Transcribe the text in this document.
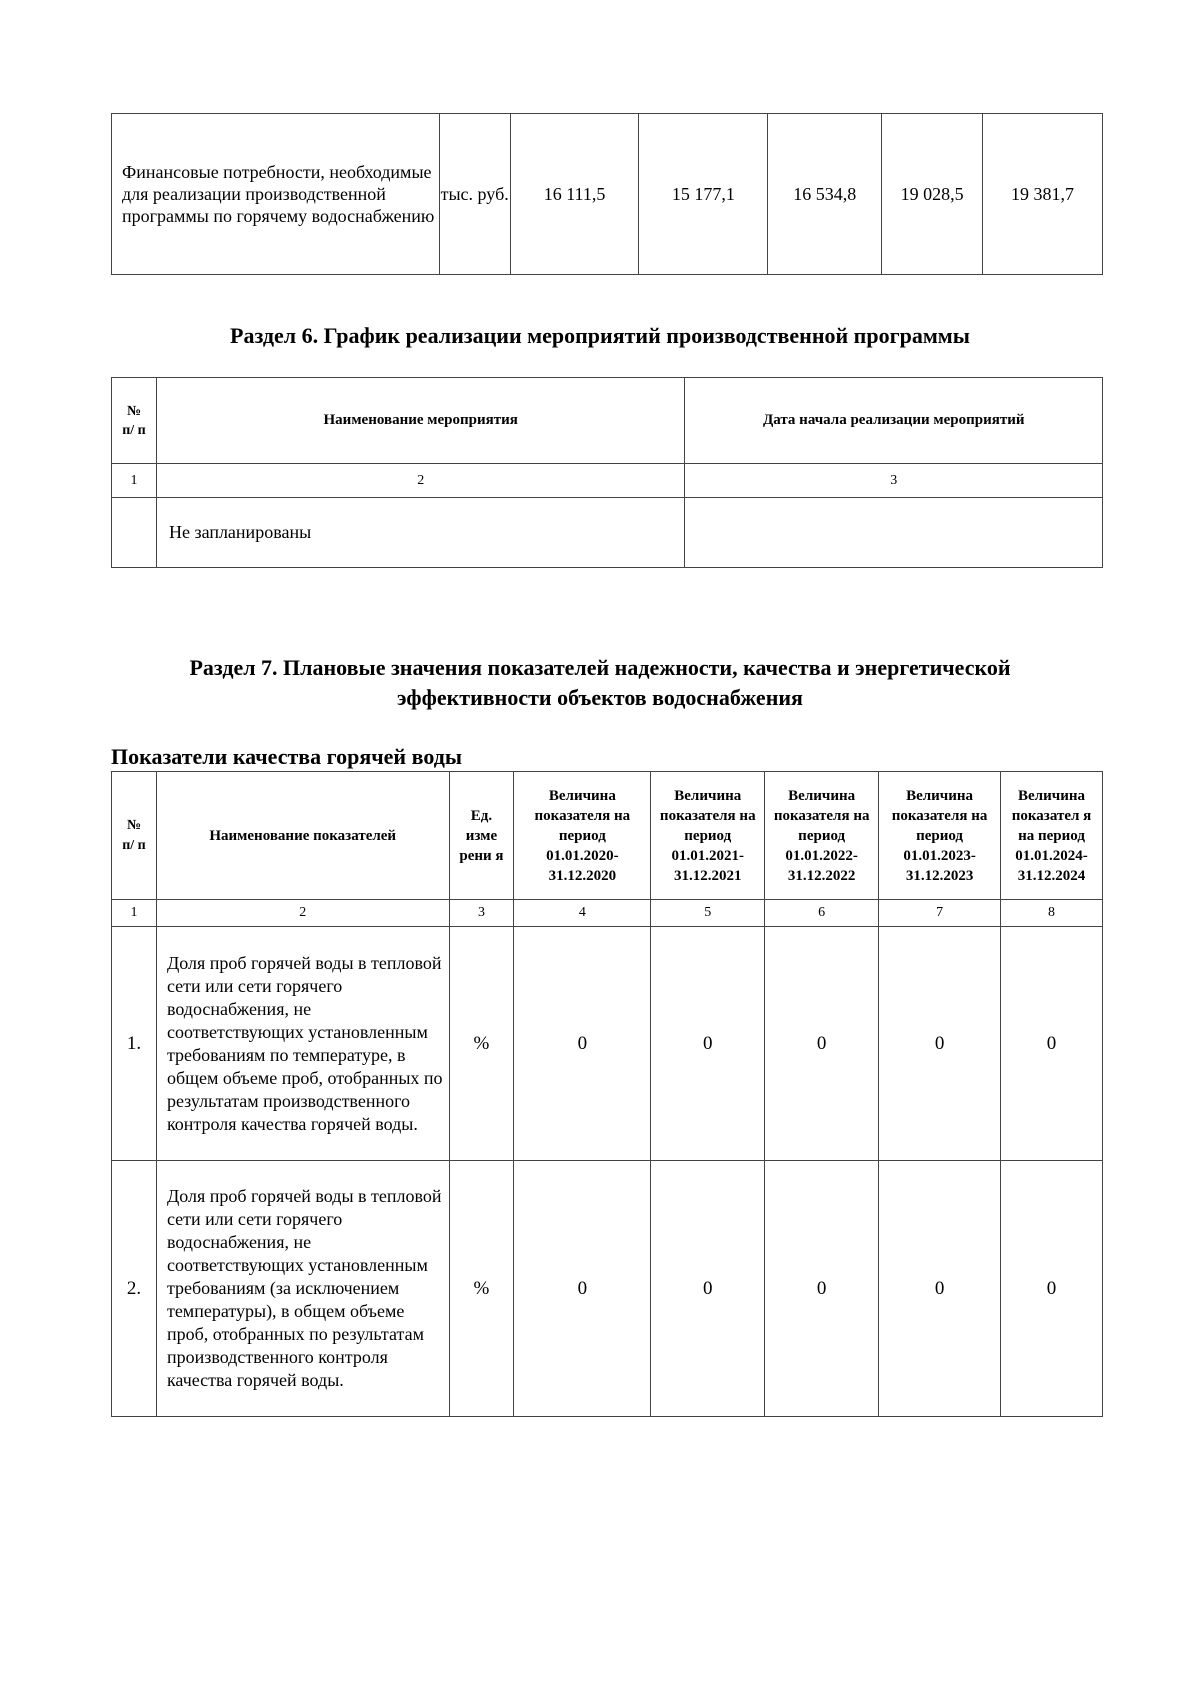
Финансовые потребности, необходимые для реализации производственной программы по горячему водоснабжению	тыс. руб.	16 111,5	15 177,1	16 534,8	19 028,5	19 381,7
Раздел 6. График реализации мероприятий производственной программы
№ п/ п	Наименование мероприятия	Дата начала реализации мероприятий
1	2	3
	Не запланированы	
Раздел 7. Плановые значения показателей надежности, качества и энергетической
эффективности объектов водоснабжения
Показатели качества горячей воды
№ п/ п	Наименование показателей	Ед. изме рени я	Величина показателя на период 01.01.2020-31.12.2020	Величина показателя на период 01.01.2021-31.12.2021	Величина показателя на период 01.01.2022-31.12.2022	Величина показателя на период 01.01.2023-31.12.2023	Величина показател я на период 01.01.2024-31.12.2024
1	2	3	4	5	6	7	8
1.	Доля проб горячей воды в тепловой сети или сети горячего водоснабжения, не соответствующих установленным требованиям по температуре, в общем объеме проб, отобранных по результатам производственного контроля качества горячей воды.	%	0	0	0	0	0
2.	Доля проб горячей воды в тепловой сети или сети горячего водоснабжения, не соответствующих установленным требованиям (за исключением температуры), в общем объеме проб, отобранных по результатам производственного контроля качества горячей воды.	%	0	0	0	0	0
